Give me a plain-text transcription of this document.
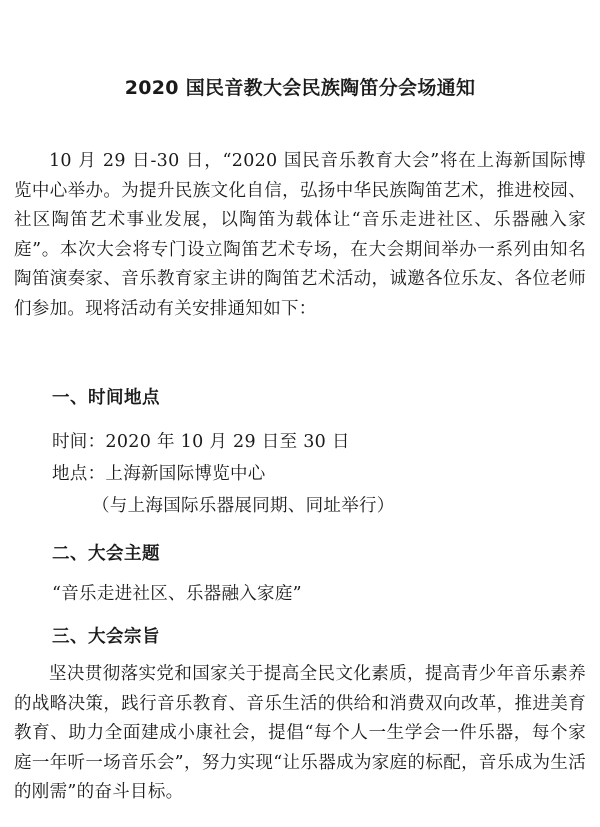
2020 国民音教大会民族陶笛分会场通知

10 月 29 日-30 日，“2020 国民音乐教育大会”将在上海新国际博览中心举办。为提升民族文化自信，弘扬中华民族陶笛艺术，推进校园、社区陶笛艺术事业发展，以陶笛为载体让“音乐走进社区、乐器融入家庭”。本次大会将专门设立陶笛艺术专场，在大会期间举办一系列由知名陶笛演奏家、音乐教育家主讲的陶笛艺术活动，诚邀各位乐友、各位老师们参加。现将活动有关安排通知如下：

一、时间地点

时间：2020 年 10 月 29 日至 30 日

地点：上海新国际博览中心

（与上海国际乐器展同期、同址举行）

二、大会主题

“音乐走进社区、乐器融入家庭”

三、大会宗旨

坚决贯彻落实党和国家关于提高全民文化素质，提高青少年音乐素养的战略决策，践行音乐教育、音乐生活的供给和消费双向改革，推进美育教育、助力全面建成小康社会，提倡“每个人一生学会一件乐器，每个家庭一年听一场音乐会”，努力实现“让乐器成为家庭的标配，音乐成为生活的刚需”的奋斗目标。
